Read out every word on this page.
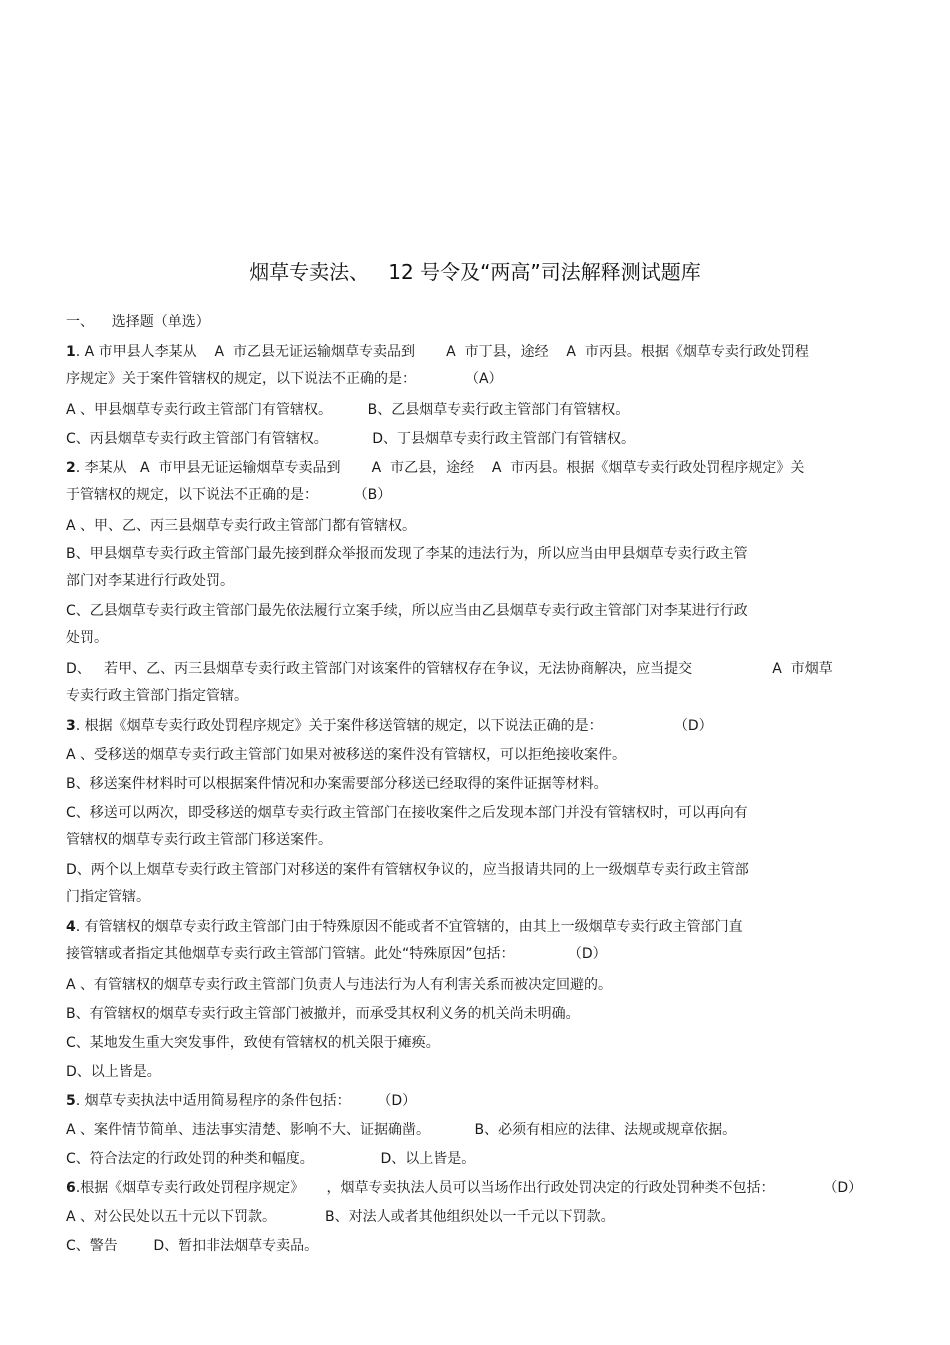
烟草专卖法、   12 号令及“两高”司法解释测试题库
一、    选择题（单选）
1. A 市甲县人李某从    A  市乙县无证运输烟草专卖品到       A  市丁县，途经    A  市丙县。根据《烟草专卖行政处罚程
序规定》关于案件管辖权的规定，以下说法不正确的是：           （A）
A 、甲县烟草专卖行政主管部门有管辖权。        B、乙县烟草专卖行政主管部门有管辖权。
C、丙县烟草专卖行政主管部门有管辖权。          D、丁县烟草专卖行政主管部门有管辖权。
2. 李某从   A  市甲县无证运输烟草专卖品到       A  市乙县，途经    A  市丙县。根据《烟草专卖行政处罚程序规定》关
于管辖权的规定，以下说法不正确的是：        （B）
A 、甲、乙、丙三县烟草专卖行政主管部门都有管辖权。
B、甲县烟草专卖行政主管部门最先接到群众举报而发现了李某的违法行为，所以应当由甲县烟草专卖行政主管
部门对李某进行行政处罚。
C、乙县烟草专卖行政主管部门最先依法履行立案手续，所以应当由乙县烟草专卖行政主管部门对李某进行行政
处罚。
D、   若甲、乙、丙三县烟草专卖行政主管部门对该案件的管辖权存在争议，无法协商解决，应当提交                  A  市烟草
专卖行政主管部门指定管辖。
3. 根据《烟草专卖行政处罚程序规定》关于案件移送管辖的规定，以下说法正确的是：                （D）
A 、受移送的烟草专卖行政主管部门如果对被移送的案件没有管辖权，可以拒绝接收案件。
B、移送案件材料时可以根据案件情况和办案需要部分移送已经取得的案件证据等材料。
C、移送可以两次，即受移送的烟草专卖行政主管部门在接收案件之后发现本部门并没有管辖权时，可以再向有
管辖权的烟草专卖行政主管部门移送案件。
D、两个以上烟草专卖行政主管部门对移送的案件有管辖权争议的，应当报请共同的上一级烟草专卖行政主管部
门指定管辖。
4. 有管辖权的烟草专卖行政主管部门由于特殊原因不能或者不宜管辖的，由其上一级烟草专卖行政主管部门直
接管辖或者指定其他烟草专卖行政主管部门管辖。此处“特殊原因”包括：            （D）
A 、有管辖权的烟草专卖行政主管部门负责人与违法行为人有利害关系而被决定回避的。
B、有管辖权的烟草专卖行政主管部门被撤并，而承受其权利义务的机关尚未明确。
C、某地发生重大突发事件，致使有管辖权的机关限于瘫痪。
D、以上皆是。
5. 烟草专卖执法中适用简易程序的条件包括：      （D）
A 、案件情节简单、违法事实清楚、影响不大、证据确凿。          B、必须有相应的法律、法规或规章依据。
C、符合法定的行政处罚的种类和幅度。               D、以上皆是。
6.根据《烟草专卖行政处罚程序规定》     ，烟草专卖执法人员可以当场作出行政处罚决定的行政处罚种类不包括：           （D）
A 、对公民处以五十元以下罚款。           B、对法人或者其他组织处以一千元以下罚款。
C、警告        D、暂扣非法烟草专卖品。
